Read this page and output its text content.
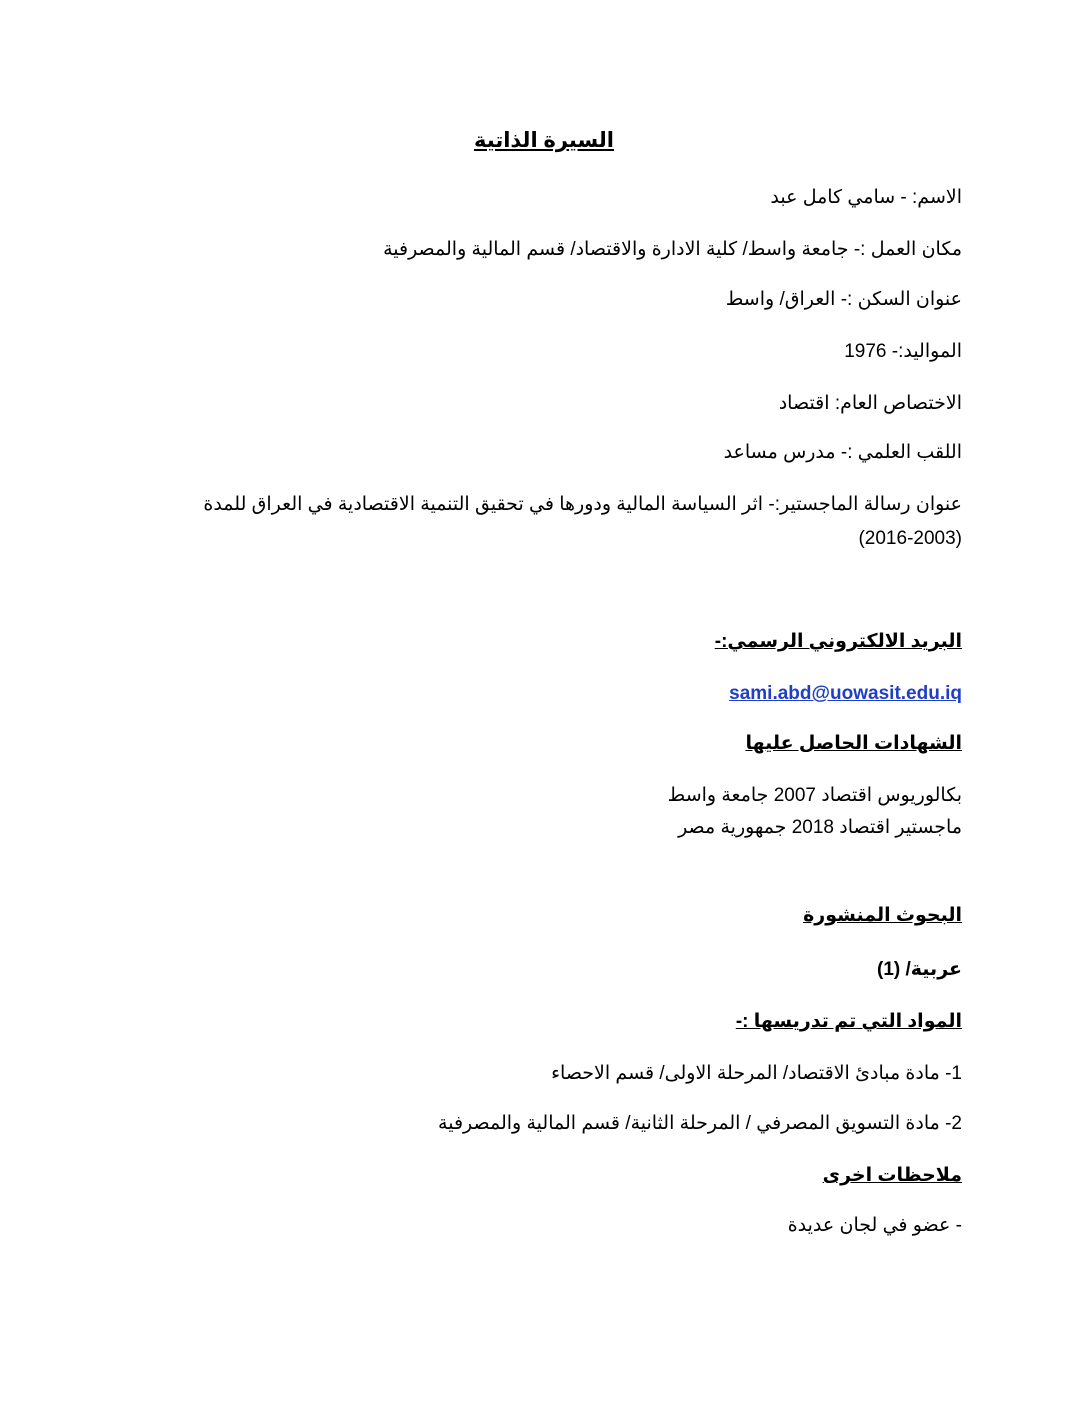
السيرة الذاتية
الاسم: - سامي كامل عبد
مكان العمل :- جامعة واسط/ كلية الادارة والاقتصاد/ قسم المالية والمصرفية
عنوان السكن :- العراق/ واسط
المواليد:- 1976
الاختصاص العام: اقتصاد
اللقب العلمي :- مدرس مساعد
عنوان رسالة الماجستير:- اثر السياسة المالية ودورها في تحقيق التنمية الاقتصادية في العراق للمدة (2003-2016)
البريد الالكتروني الرسمي:-
sami.abd@uowasit.edu.iq
الشهادات الحاصل عليها
بكالوريوس اقتصاد 2007 جامعة واسط
ماجستير اقتصاد 2018 جمهورية مصر
البحوث المنشورة
عربية/ (1)
المواد التي تم تدريسها :-
1- مادة مبادئ الاقتصاد/ المرحلة الاولى/ قسم الاحصاء
2- مادة التسويق المصرفي / المرحلة الثانية/ قسم المالية والمصرفية
ملاحظات اخرى
- عضو في لجان عديدة
